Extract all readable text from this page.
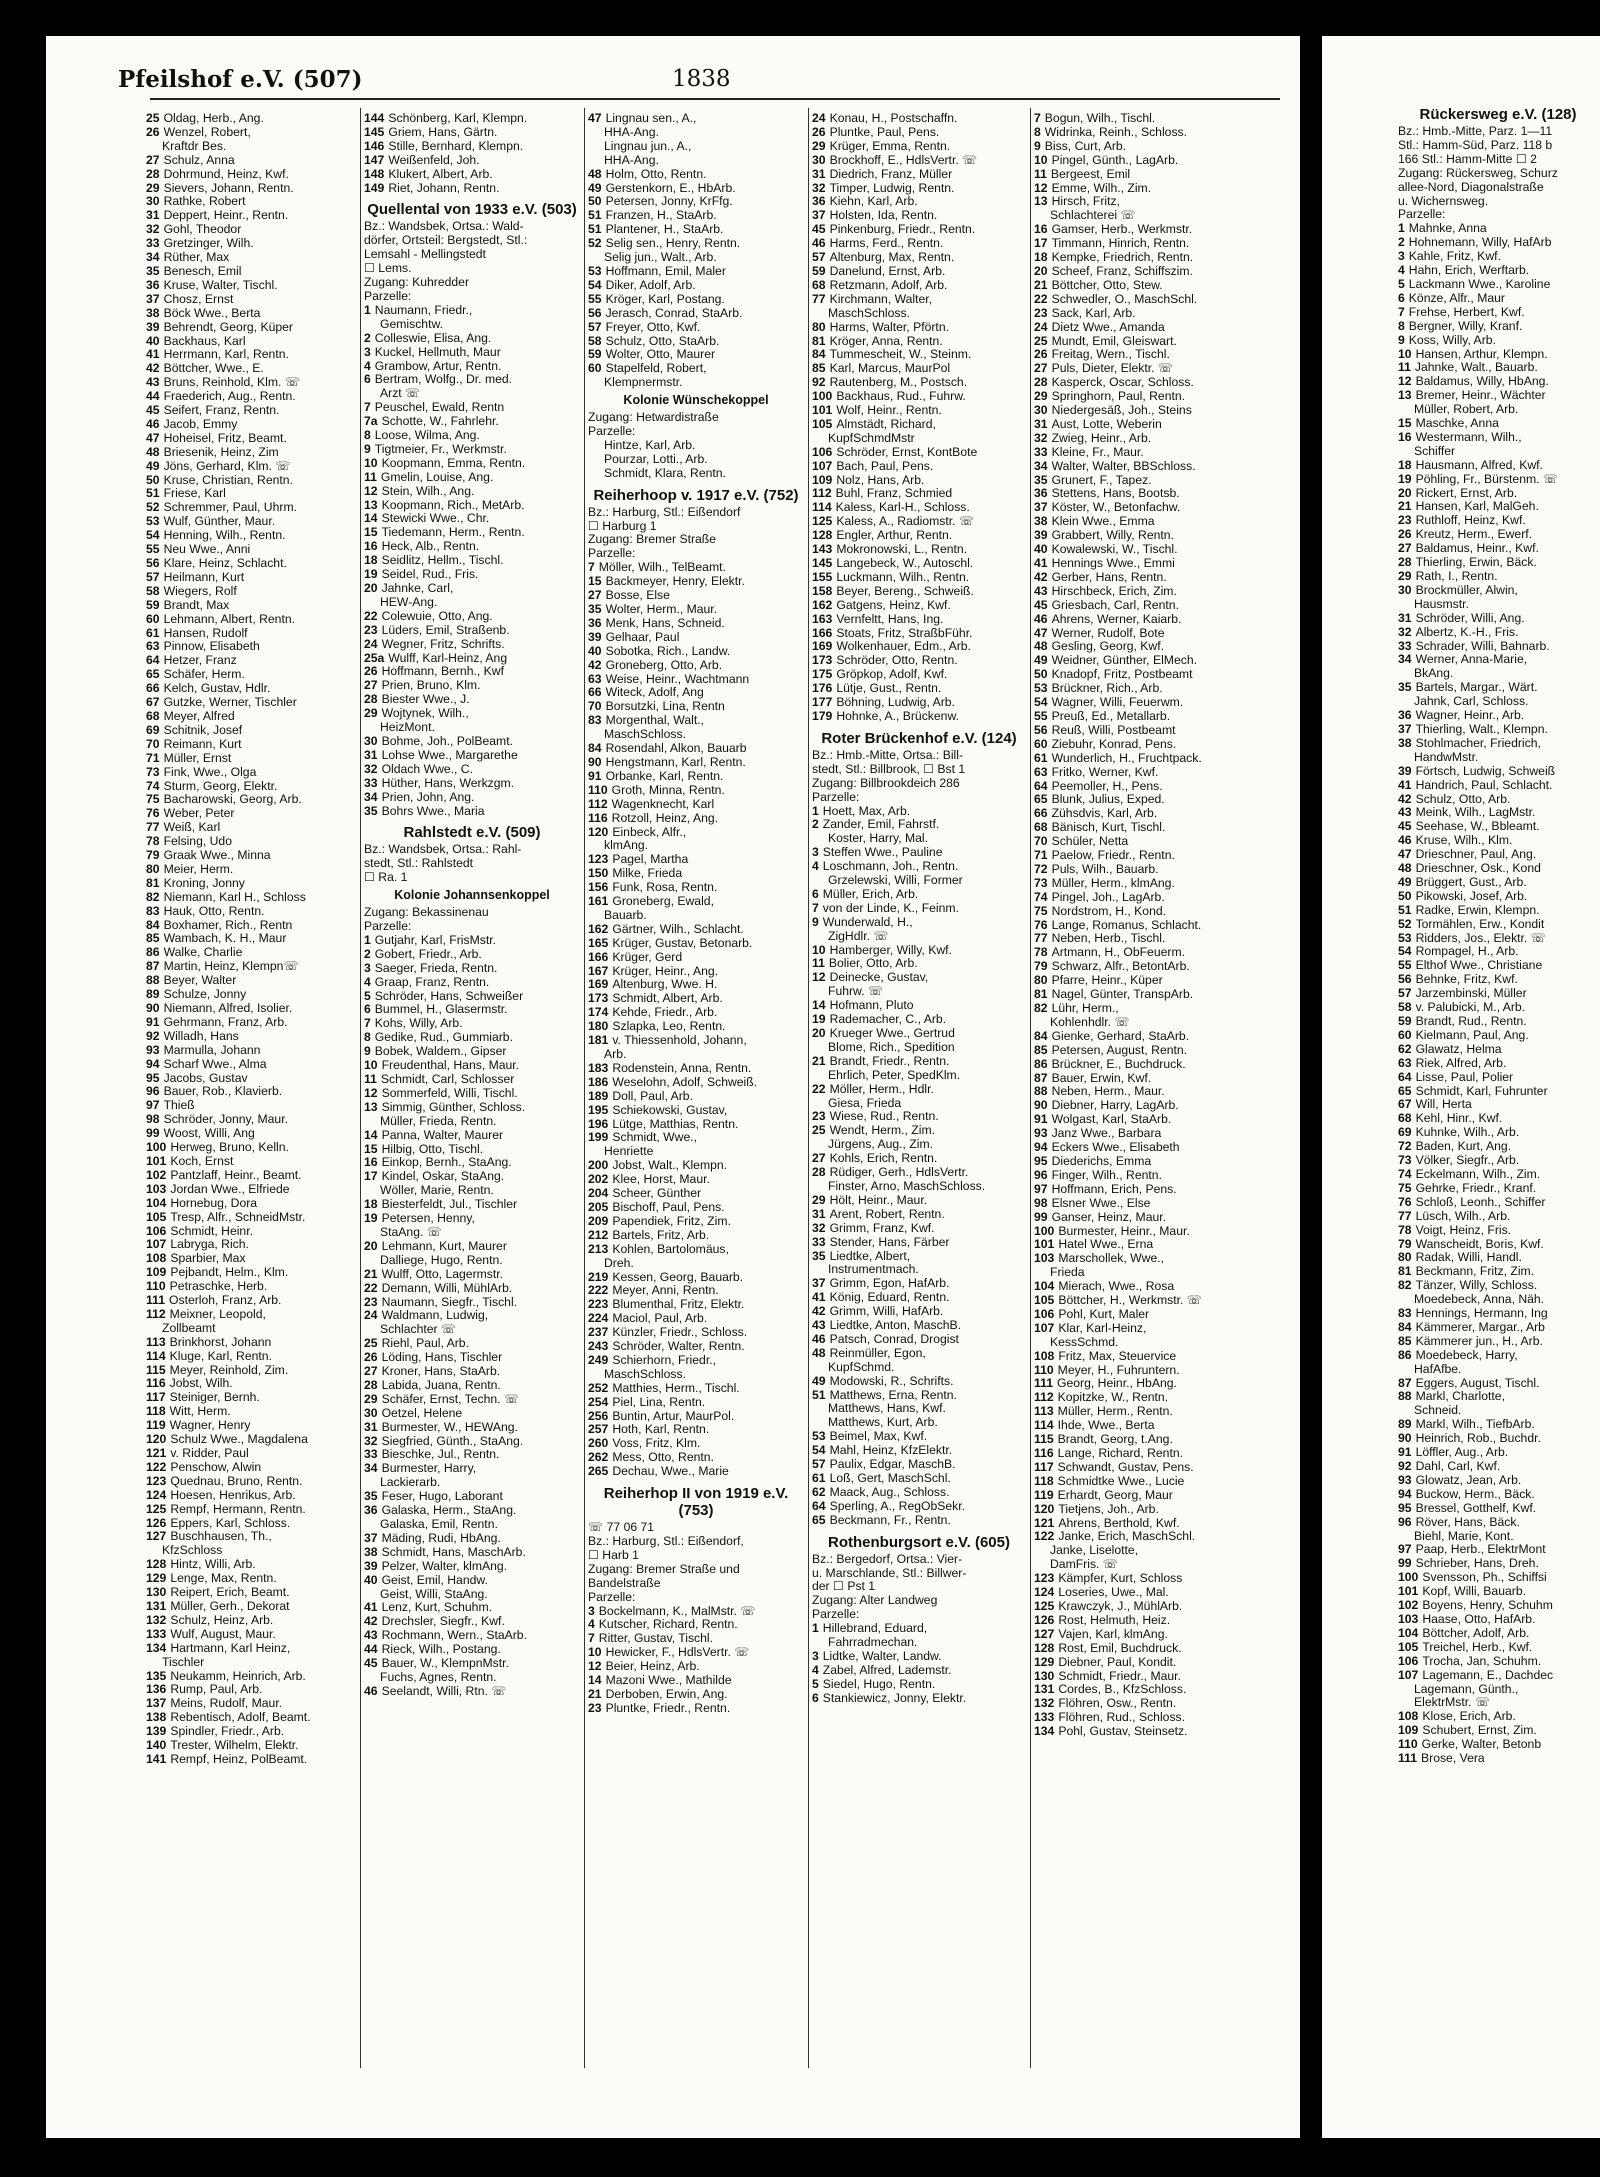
Pfeilshof e.V. (507)	1838
25 Oldag, Herb., Ang.
26 Wenzel, Robert,
Kraftdr Bes.
27 Schulz, Anna
28 Dohrmund, Heinz, Kwf.
29 Sievers, Johann, Rentn.
30 Rathke, Robert
31 Deppert, Heinr., Rentn.
32 Gohl, Theodor
33 Gretzinger, Wilh.
34 Rüther, Max
35 Benesch, Emil
36 Kruse, Walter, Tischl.
37 Chosz, Ernst
38 Böck Wwe., Berta
39 Behrendt, Georg, Küper
40 Backhaus, Karl
41 Herrmann, Karl, Rentn.
42 Böttcher, Wwe., E.
43 Bruns, Reinhold, Klm. ☏
44 Fraederich, Aug., Rentn.
45 Seifert, Franz, Rentn.
46 Jacob, Emmy
47 Hoheisel, Fritz, Beamt.
48 Briesenik, Heinz, Zim
49 Jöns, Gerhard, Klm. ☏
50 Kruse, Christian, Rentn.
51 Friese, Karl
52 Schremmer, Paul, Uhrm.
53 Wulf, Günther, Maur.
54 Henning, Wilh., Rentn.
55 Neu Wwe., Anni
56 Klare, Heinz, Schlacht.
57 Heilmann, Kurt
58 Wiegers, Rolf
59 Brandt, Max
60 Lehmann, Albert, Rentn.
61 Hansen, Rudolf
63 Pinnow, Elisabeth
64 Hetzer, Franz
65 Schäfer, Herm.
66 Kelch, Gustav, Hdlr.
67 Gutzke, Werner, Tischler
68 Meyer, Alfred
69 Schitnik, Josef
70 Reimann, Kurt
71 Müller, Ernst
73 Fink, Wwe., Olga
74 Sturm, Georg, Elektr.
75 Bacharowski, Georg, Arb.
76 Weber, Peter
77 Weiß, Karl
78 Felsing, Udo
79 Graak Wwe., Minna
80 Meier, Herm.
81 Kroning, Jonny
82 Niemann, Karl H., Schloss
83 Hauk, Otto, Rentn.
84 Boxhamer, Rich., Rentn
85 Wambach, K. H., Maur
86 Walke, Charlie
87 Martin, Heinz, Klempn☏
88 Beyer, Walter
89 Schulze, Jonny
90 Niemann, Alfred, Isolier.
91 Gehrmann, Franz, Arb.
92 Willadh, Hans
93 Marmulla, Johann
94 Scharf Wwe., Alma
95 Jacobs, Gustav
96 Bauer, Rob., Klavierb.
97 Thieß
98 Schröder, Jonny, Maur.
99 Woost, Willi, Ang
100 Herweg, Bruno, Kelln.
101 Koch, Ernst
102 Pantzlaff, Heinr., Beamt.
103 Jordan Wwe., Elfriede
104 Hornebug, Dora
105 Tresp, Alfr., SchneidMstr.
106 Schmidt, Heinr.
107 Labryga, Rich.
108 Sparbier, Max
109 Pejbandt, Helm., Klm.
110 Petraschke, Herb.
111 Osterloh, Franz, Arb.
112 Meixner, Leopold,
Zollbeamt
113 Brinkhorst, Johann
114 Kluge, Karl, Rentn.
115 Meyer, Reinhold, Zim.
116 Jobst, Wilh.
117 Steiniger, Bernh.
118 Witt, Herm.
119 Wagner, Henry
120 Schulz Wwe., Magdalena
121 v. Ridder, Paul
122 Penschow, Alwin
123 Quednau, Bruno, Rentn.
124 Hoesen, Henrikus, Arb.
125 Rempf, Hermann, Rentn.
126 Eppers, Karl, Schloss.
127 Buschhausen, Th.,
KfzSchloss
128 Hintz, Willi, Arb.
129 Lenge, Max, Rentn.
130 Reipert, Erich, Beamt.
131 Müller, Gerh., Dekorat
132 Schulz, Heinz, Arb.
133 Wulf, August, Maur.
134 Hartmann, Karl Heinz,
Tischler
135 Neukamm, Heinrich, Arb.
136 Rump, Paul, Arb.
137 Meins, Rudolf, Maur.
138 Rebentisch, Adolf, Beamt.
139 Spindler, Friedr., Arb.
140 Trester, Wilhelm, Elektr.
141 Rempf, Heinz, PolBeamt.
144 Schönberg, Karl, Klempn.
145 Griem, Hans, Gärtn.
146 Stille, Bernhard, Klempn.
147 Weißenfeld, Joh.
148 Klukert, Albert, Arb.
149 Riet, Johann, Rentn.
Quellental von 1933 e.V. (503)
Bz.: Wandsbek, Ortsa.: Wald-
dörfer, Ortsteil: Bergstedt, Stl.:
Lemsahl - Mellingstedt
☐ Lems.
Zugang: Kuhredder
Parzelle:
1 Naumann, Friedr.,
Gemischtw.
2 Colleswie, Elisa, Ang.
3 Kuckel, Hellmuth, Maur
4 Grambow, Artur, Rentn.
6 Bertram, Wolfg., Dr. med.
Arzt ☏
7 Peuschel, Ewald, Rentn
7a Schotte, W., Fahrlehr.
8 Loose, Wilma, Ang.
9 Tigtmeier, Fr., Werkmstr.
10 Koopmann, Emma, Rentn.
11 Gmelin, Louise, Ang.
12 Stein, Wilh., Ang.
13 Koopmann, Rich., MetArb.
14 Stewicki Wwe., Chr.
15 Tiedemann, Herm., Rentn.
16 Heck, Alb., Rentn.
18 Seidlitz, Hellm., Tischl.
19 Seidel, Rud., Fris.
20 Jahnke, Carl,
HEW-Ang.
22 Colewuie, Otto, Ang.
23 Lüders, Emil, Straßenb.
24 Wegner, Fritz, Schrifts.
25a Wulff, Karl-Heinz, Ang
26 Hoffmann, Bernh., Kwf
27 Prien, Bruno, Klm.
28 Biester Wwe., J.
29 Wojtynek, Wilh.,
HeizMont.
30 Bohme, Joh., PolBeamt.
31 Lohse Wwe., Margarethe
32 Oldach Wwe., C.
33 Hüther, Hans, Werkzgm.
34 Prien, John, Ang.
35 Bohrs Wwe., Maria
Rahlstedt e.V. (509)
Bz.: Wandsbek, Ortsa.: Rahl-
stedt, Stl.: Rahlstedt
☐ Ra. 1
Kolonie Johannsenkoppel
Zugang: Bekassinenau
Parzelle:
1 Gutjahr, Karl, FrisMstr.
2 Gobert, Friedr., Arb.
3 Saeger, Frieda, Rentn.
4 Graap, Franz, Rentn.
5 Schröder, Hans, Schweißer
6 Bummel, H., Glasermstr.
7 Kohs, Willy, Arb.
8 Gedike, Rud., Gummiarb.
9 Bobek, Waldem., Gipser
10 Freudenthal, Hans, Maur.
11 Schmidt, Carl, Schlosser
12 Sommerfeld, Willi, Tischl.
13 Simmig, Günther, Schloss.
Müller, Frieda, Rentn.
14 Panna, Walter, Maurer
15 Hilbig, Otto, Tischl.
16 Einkop, Bernh., StaAng.
17 Kindel, Oskar, StaAng.
Wöller, Marie, Rentn.
18 Biesterfeldt, Jul., Tischler
19 Petersen, Henny,
StaAng. ☏
20 Lehmann, Kurt, Maurer
Dalliege, Hugo, Rentn.
21 Wulff, Otto, Lagermstr.
22 Demann, Willi, MühlArb.
23 Naumann, Siegfr., Tischl.
24 Waldmann, Ludwig,
Schlachter ☏
25 Riehl, Paul, Arb.
26 Löding, Hans, Tischler
27 Kroner, Hans, StaArb.
28 Labida, Juana, Rentn.
29 Schäfer, Ernst, Techn. ☏
30 Oetzel, Helene
31 Burmester, W., HEWAng.
32 Siegfried, Günth., StaAng.
33 Bieschke, Jul., Rentn.
34 Burmester, Harry,
Lackierarb.
35 Feser, Hugo, Laborant
36 Galaska, Herm., StaAng.
Galaska, Emil, Rentn.
37 Mäding, Rudi, HbAng.
38 Schmidt, Hans, MaschArb.
39 Pelzer, Walter, klmAng.
40 Geist, Emil, Handw.
Geist, Willi, StaAng.
41 Lenz, Kurt, Schuhm.
42 Drechsler, Siegfr., Kwf.
43 Rochmann, Wern., StaArb.
44 Rieck, Wilh., Postang.
45 Bauer, W., KlempnMstr.
Fuchs, Agnes, Rentn.
46 Seelandt, Willi, Rtn. ☏
47 Lingnau sen., A.,
HHA-Ang.
Lingnau jun., A.,
HHA-Ang.
48 Holm, Otto, Rentn.
49 Gerstenkorn, E., HbArb.
50 Petersen, Jonny, KrFfg.
51 Franzen, H., StaArb.
51 Plantener, H., StaArb.
52 Selig sen., Henry, Rentn.
Selig jun., Walt., Arb.
53 Hoffmann, Emil, Maler
54 Diker, Adolf, Arb.
55 Kröger, Karl, Postang.
56 Jerasch, Conrad, StaArb.
57 Freyer, Otto, Kwf.
58 Schulz, Otto, StaArb.
59 Wolter, Otto, Maurer
60 Stapelfeld, Robert,
Klempnermstr.
Kolonie Wünschekoppel
Zugang: Hetwardistraße
Parzelle:
Hintze, Karl, Arb.
Pourzar, Lotti., Arb.
Schmidt, Klara, Rentn.
Reiherhoop v. 1917 e.V. (752)
Bz.: Harburg, Stl.: Eißendorf
☐ Harburg 1
Zugang: Bremer Straße
Parzelle:
7 Möller, Wilh., TelBeamt.
15 Backmeyer, Henry, Elektr.
27 Bosse, Else
35 Wolter, Herm., Maur.
36 Menk, Hans, Schneid.
39 Gelhaar, Paul
40 Sobotka, Rich., Landw.
42 Groneberg, Otto, Arb.
63 Weise, Heinr., Wachtmann
66 Witeck, Adolf, Ang
70 Borsutzki, Lina, Rentn
83 Morgenthal, Walt.,
MaschSchloss.
84 Rosendahl, Alkon, Bauarb
90 Hengstmann, Karl, Rentn.
91 Orbanke, Karl, Rentn.
110 Groth, Minna, Rentn.
112 Wagenknecht, Karl
116 Rotzoll, Heinz, Ang.
120 Einbeck, Alfr.,
klmAng.
123 Pagel, Martha
150 Milke, Frieda
156 Funk, Rosa, Rentn.
161 Groneberg, Ewald,
Bauarb.
162 Gärtner, Wilh., Schlacht.
165 Krüger, Gustav, Betonarb.
166 Krüger, Gerd
167 Krüger, Heinr., Ang.
169 Altenburg, Wwe. H.
173 Schmidt, Albert, Arb.
174 Kehde, Friedr., Arb.
180 Szlapka, Leo, Rentn.
181 v. Thiessenhold, Johann,
Arb.
183 Rodenstein, Anna, Rentn.
186 Weselohn, Adolf, Schweiß.
189 Doll, Paul, Arb.
195 Schiekowski, Gustav,
196 Lütge, Matthias, Rentn.
199 Schmidt, Wwe.,
Henriette
200 Jobst, Walt., Klempn.
202 Klee, Horst, Maur.
204 Scheer, Günther
205 Bischoff, Paul, Pens.
209 Papendiek, Fritz, Zim.
212 Bartels, Fritz, Arb.
213 Kohlen, Bartolomäus,
Dreh.
219 Kessen, Georg, Bauarb.
222 Meyer, Anni, Rentn.
223 Blumenthal, Fritz, Elektr.
224 Maciol, Paul, Arb.
237 Künzler, Friedr., Schloss.
243 Schröder, Walter, Rentn.
249 Schierhorn, Friedr.,
MaschSchloss.
252 Matthies, Herm., Tischl.
254 Piel, Lina, Rentn.
256 Buntin, Artur, MaurPol.
257 Hoth, Karl, Rentn.
260 Voss, Fritz, Klm.
262 Mess, Otto, Rentn.
265 Dechau, Wwe., Marie
Reiherhop II von 1919 e.V. (753)
☏ 77 06 71
Bz.: Harburg, Stl.: Eißendorf,
☐ Harb 1
Zugang: Bremer Straße und
Bandelstraße
Parzelle:
3 Bockelmann, K., MalMstr. ☏
4 Kutscher, Richard, Rentn.
7 Ritter, Gustav, Tischl.
10 Hewicker, F., HdlsVertr. ☏
12 Beier, Heinz, Arb.
14 Mazoni Wwe., Mathilde
21 Derboben, Erwin, Ang.
23 Pluntke, Friedr., Rentn.
24 Konau, H., Postschaffn.
26 Pluntke, Paul, Pens.
29 Krüger, Emma, Rentn.
30 Brockhoff, E., HdlsVertr. ☏
31 Diedrich, Franz, Müller
32 Timper, Ludwig, Rentn.
36 Kiehn, Karl, Arb.
37 Holsten, Ida, Rentn.
45 Pinkenburg, Friedr., Rentn.
46 Harms, Ferd., Rentn.
57 Altenburg, Max, Rentn.
59 Danelund, Ernst, Arb.
68 Retzmann, Adolf, Arb.
77 Kirchmann, Walter,
MaschSchloss.
80 Harms, Walter, Pförtn.
81 Kröger, Anna, Rentn.
84 Tummescheit, W., Steinm.
85 Karl, Marcus, MaurPol
92 Rautenberg, M., Postsch.
100 Backhaus, Rud., Fuhrw.
101 Wolf, Heinr., Rentn.
105 Almstädt, Richard,
KupfSchmdMstr
106 Schröder, Ernst, KontBote
107 Bach, Paul, Pens.
109 Nolz, Hans, Arb.
112 Buhl, Franz, Schmied
114 Kaless, Karl-H., Schloss.
125 Kaless, A., Radiomstr. ☏
128 Engler, Arthur, Rentn.
143 Mokronowski, L., Rentn.
145 Langebeck, W., Autoschl.
155 Luckmann, Wilh., Rentn.
158 Beyer, Bereng., Schweiß.
162 Gatgens, Heinz, Kwf.
163 Vernfeltt, Hans, Ing.
166 Stoats, Fritz, StraßbFühr.
169 Wolkenhauer, Edm., Arb.
173 Schröder, Otto, Rentn.
175 Gröpkop, Adolf, Kwf.
176 Lütje, Gust., Rentn.
177 Böhning, Ludwig, Arb.
179 Hohnke, A., Brückenw.
Roter Brückenhof e.V. (124)
Bz.: Hmb.-Mitte, Ortsa.: Bill-
stedt, Stl.: Billbrook, ☐ Bst 1
Zugang: Billbrookdeich 286
Parzelle:
1 Hoett, Max, Arb.
2 Zander, Emil, Fahrstf.
Koster, Harry, Mal.
3 Steffen Wwe., Pauline
4 Loschmann, Joh., Rentn.
Grzelewski, Willi, Former
6 Müller, Erich, Arb.
7 von der Linde, K., Feinm.
9 Wunderwald, H.,
ZigHdlr. ☏
10 Hamberger, Willy, Kwf.
11 Bolier, Otto, Arb.
12 Deinecke, Gustav,
Fuhrw. ☏
14 Hofmann, Pluto
19 Rademacher, C., Arb.
20 Krueger Wwe., Gertrud
Blome, Rich., Spedition
21 Brandt, Friedr., Rentn.
Ehrlich, Peter, SpedKlm.
22 Möller, Herm., Hdlr.
Giesa, Frieda
23 Wiese, Rud., Rentn.
25 Wendt, Herm., Zim.
Jürgens, Aug., Zim.
27 Kohls, Erich, Rentn.
28 Rüdiger, Gerh., HdlsVertr.
Finster, Arno, MaschSchloss.
29 Hölt, Heinr., Maur.
31 Arent, Robert, Rentn.
32 Grimm, Franz, Kwf.
33 Stender, Hans, Färber
35 Liedtke, Albert,
Instrumentmach.
37 Grimm, Egon, HafArb.
41 König, Eduard, Rentn.
42 Grimm, Willi, HafArb.
43 Liedtke, Anton, MaschB.
46 Patsch, Conrad, Drogist
48 Reinmüller, Egon,
KupfSchmd.
49 Modowski, R., Schrifts.
51 Matthews, Erna, Rentn.
Matthews, Hans, Kwf.
Matthews, Kurt, Arb.
53 Beimel, Max, Kwf.
54 Mahl, Heinz, KfzElektr.
57 Paulix, Edgar, MaschB.
61 Loß, Gert, MaschSchl.
62 Maack, Aug., Schloss.
64 Sperling, A., RegObSekr.
65 Beckmann, Fr., Rentn.
Rothenburgsort e.V. (605)
Bz.: Bergedorf, Ortsa.: Vier-
u. Marschlande, Stl.: Billwer-
der ☐ Pst 1
Zugang: Alter Landweg
Parzelle:
1 Hillebrand, Eduard,
Fahrradmechan.
3 Lidtke, Walter, Landw.
4 Zabel, Alfred, Lademstr.
5 Siedel, Hugo, Rentn.
6 Stankiewicz, Jonny, Elektr.
7 Bogun, Wilh., Tischl.
8 Widrinka, Reinh., Schloss.
9 Biss, Curt, Arb.
10 Pingel, Günth., LagArb.
11 Bergeest, Emil
12 Emme, Wilh., Zim.
13 Hirsch, Fritz,
Schlachterei ☏
16 Gamser, Herb., Werkmstr.
17 Timmann, Hinrich, Rentn.
18 Kempke, Friedrich, Rentn.
20 Scheef, Franz, Schiffszim.
21 Böttcher, Otto, Stew.
22 Schwedler, O., MaschSchl.
23 Sack, Karl, Arb.
24 Dietz Wwe., Amanda
25 Mundt, Emil, Gleiswart.
26 Freitag, Wern., Tischl.
27 Puls, Dieter, Elektr. ☏
28 Kasperck, Oscar, Schloss.
29 Springhorn, Paul, Rentn.
30 Niedergesäß, Joh., Steins
31 Aust, Lotte, Weberin
32 Zwieg, Heinr., Arb.
33 Kleine, Fr., Maur.
34 Walter, Walter, BBSchloss.
35 Grunert, F., Tapez.
36 Stettens, Hans, Bootsb.
37 Köster, W., Betonfachw.
38 Klein Wwe., Emma
39 Grabbert, Willy, Rentn.
40 Kowalewski, W., Tischl.
41 Hennings Wwe., Emmi
42 Gerber, Hans, Rentn.
43 Hirschbeck, Erich, Zim.
45 Griesbach, Carl, Rentn.
46 Ahrens, Werner, Kaiarb.
47 Werner, Rudolf, Bote
48 Gesling, Georg, Kwf.
49 Weidner, Günther, ElMech.
50 Knadopf, Fritz, Postbeamt
53 Brückner, Rich., Arb.
54 Wagner, Willi, Feuerwm.
55 Preuß, Ed., Metallarb.
56 Reuß, Willi, Postbeamt
60 Ziebuhr, Konrad, Pens.
61 Wunderlich, H., Fruchtpack.
63 Fritko, Werner, Kwf.
64 Peemoller, H., Pens.
65 Blunk, Julius, Exped.
66 Zühsdvis, Karl, Arb.
68 Bänisch, Kurt, Tischl.
70 Schüler, Netta
71 Paelow, Friedr., Rentn.
72 Puls, Wilh., Bauarb.
73 Müller, Herm., klmAng.
74 Pingel, Joh., LagArb.
75 Nordstrom, H., Kond.
76 Lange, Romanus, Schlacht.
77 Neben, Herb., Tischl.
78 Artmann, H., ObFeuerm.
79 Schwarz, Alfr., BetontArb.
80 Pfarre, Heinr., Küper
81 Nagel, Günter, TranspArb.
82 Lühr, Herm.,
Kohlenhdlr. ☏
84 Gienke, Gerhard, StaArb.
85 Petersen, August, Rentn.
86 Brückner, E., Buchdruck.
87 Bauer, Erwin, Kwf.
88 Neben, Herm., Maur.
90 Diebner, Harry, LagArb.
91 Wolgast, Karl, StaArb.
93 Janz Wwe., Barbara
94 Eckers Wwe., Elisabeth
95 Diederichs, Emma
96 Finger, Wilh., Rentn.
97 Hoffmann, Erich, Pens.
98 Elsner Wwe., Else
99 Ganser, Heinz, Maur.
100 Burmester, Heinr., Maur.
101 Hatel Wwe., Erna
103 Marschollek, Wwe.,
Frieda
104 Mierach, Wwe., Rosa
105 Böttcher, H., Werkmstr. ☏
106 Pohl, Kurt, Maler
107 Klar, Karl-Heinz,
KessSchmd.
108 Fritz, Max, Steuervice
110 Meyer, H., Fuhruntern.
111 Georg, Heinr., HbAng.
112 Kopitzke, W., Rentn.
113 Müller, Herm., Rentn.
114 Ihde, Wwe., Berta
115 Brandt, Georg, t.Ang.
116 Lange, Richard, Rentn.
117 Schwandt, Gustav, Pens.
118 Schmidtke Wwe., Lucie
119 Erhardt, Georg, Maur
120 Tietjens, Joh., Arb.
121 Ahrens, Berthold, Kwf.
122 Janke, Erich, MaschSchl.
Janke, Liselotte,
DamFris. ☏
123 Kämpfer, Kurt, Schloss
124 Loseries, Uwe., Mal.
125 Krawczyk, J., MühlArb.
126 Rost, Helmuth, Heiz.
127 Vajen, Karl, klmAng.
128 Rost, Emil, Buchdruck.
129 Diebner, Paul, Kondit.
130 Schmidt, Friedr., Maur.
131 Cordes, B., KfzSchloss.
132 Flöhren, Osw., Rentn.
133 Flöhren, Rud., Schloss.
134 Pohl, Gustav, Steinsetz.
Rückersweg e.V. (128)
Bz.: Hmb.-Mitte, Parz. 1—11
Stl.: Hamm-Süd, Parz. 118 b
166 Stl.: Hamm-Mitte ☐ 2
Zugang: Rückersweg, Schurz
allee-Nord, Diagonalstraße
u. Wichernsweg.
Parzelle:
1 Mahnke, Anna
2 Hohnemann, Willy, HafArb
3 Kahle, Fritz, Kwf.
4 Hahn, Erich, Werftarb.
5 Lackmann Wwe., Karoline
6 Könze, Alfr., Maur
7 Frehse, Herbert, Kwf.
8 Bergner, Willy, Kranf.
9 Koss, Willy, Arb.
10 Hansen, Arthur, Klempn.
11 Jahnke, Walt., Bauarb.
12 Baldamus, Willy, HbAng.
13 Bremer, Heinr., Wächter
Müller, Robert, Arb.
15 Maschke, Anna
16 Westermann, Wilh.,
Schiffer
18 Hausmann, Alfred, Kwf.
19 Pöhling, Fr., Bürstenm. ☏
20 Rickert, Ernst, Arb.
21 Hansen, Karl, MalGeh.
23 Ruthloff, Heinz, Kwf.
26 Kreutz, Herm., Ewerf.
27 Baldamus, Heinr., Kwf.
28 Thierling, Erwin, Bäck.
29 Rath, I., Rentn.
30 Brockmüller, Alwin,
Hausmstr.
31 Schröder, Willi, Ang.
32 Albertz, K.-H., Fris.
33 Schrader, Willi, Bahnarb.
34 Werner, Anna-Marie,
BkAng.
35 Bartels, Margar., Wärt.
Jahnk, Carl, Schloss.
36 Wagner, Heinr., Arb.
37 Thierling, Walt., Klempn.
38 Stohlmacher, Friedrich,
HandwMstr.
39 Förtsch, Ludwig, Schweiß
41 Handrich, Paul, Schlacht.
42 Schulz, Otto, Arb.
43 Meink, Wilh., LagMstr.
45 Seehase, W., Bbleamt.
46 Kruse, Wilh., Klm.
47 Drieschner, Paul, Ang.
48 Drieschner, Osk., Kond
49 Brüggert, Gust., Arb.
50 Pikowski, Josef, Arb.
51 Radke, Erwin, Klempn.
52 Tormählen, Erw., Kondit
53 Ridders, Jos., Elektr. ☏
54 Rompagel, H., Arb.
55 Elthof Wwe., Christiane
56 Behnke, Fritz, Kwf.
57 Jarzembinski, Müller
58 v. Palubicki, M., Arb.
59 Brandt, Rud., Rentn.
60 Kielmann, Paul, Ang.
62 Glawatz, Helma
63 Riek, Alfred, Arb.
64 Lisse, Paul, Polier
65 Schmidt, Karl, Fuhrunter
67 Will, Herta
68 Kehl, Hinr., Kwf.
69 Kuhnke, Wilh., Arb.
72 Baden, Kurt, Ang.
73 Völker, Siegfr., Arb.
74 Eckelmann, Wilh., Zim.
75 Gehrke, Friedr., Kranf.
76 Schloß, Leonh., Schiffer
77 Lüsch, Wilh., Arb.
78 Voigt, Heinz, Fris.
79 Wanscheidt, Boris, Kwf.
80 Radak, Willi, Handl.
81 Beckmann, Fritz, Zim.
82 Tänzer, Willy, Schloss.
Moedebeck, Anna, Näh.
83 Hennings, Hermann, Ing
84 Kämmerer, Margar., Arb
85 Kämmerer jun., H., Arb.
86 Moedebeck, Harry,
HafAfbe.
87 Eggers, August, Tischl.
88 Markl, Charlotte,
Schneid.
89 Markl, Wilh., TiefbArb.
90 Heinrich, Rob., Buchdr.
91 Löffler, Aug., Arb.
92 Dahl, Carl, Kwf.
93 Glowatz, Jean, Arb.
94 Buckow, Herm., Bäck.
95 Bressel, Gotthelf, Kwf.
96 Röver, Hans, Bäck.
Biehl, Marie, Kont.
97 Paap, Herb., ElektrMont
99 Schrieber, Hans, Dreh.
100 Svensson, Ph., Schiffsi
101 Kopf, Willi, Bauarb.
102 Boyens, Henry, Schuhm
103 Haase, Otto, HafArb.
104 Böttcher, Adolf, Arb.
105 Treichel, Herb., Kwf.
106 Trocha, Jan, Schuhm.
107 Lagemann, E., Dachdec
Lagemann, Günth.,
ElektrMstr. ☏
108 Klose, Erich, Arb.
109 Schubert, Ernst, Zim.
110 Gerke, Walter, Betonb
111 Brose, Vera
